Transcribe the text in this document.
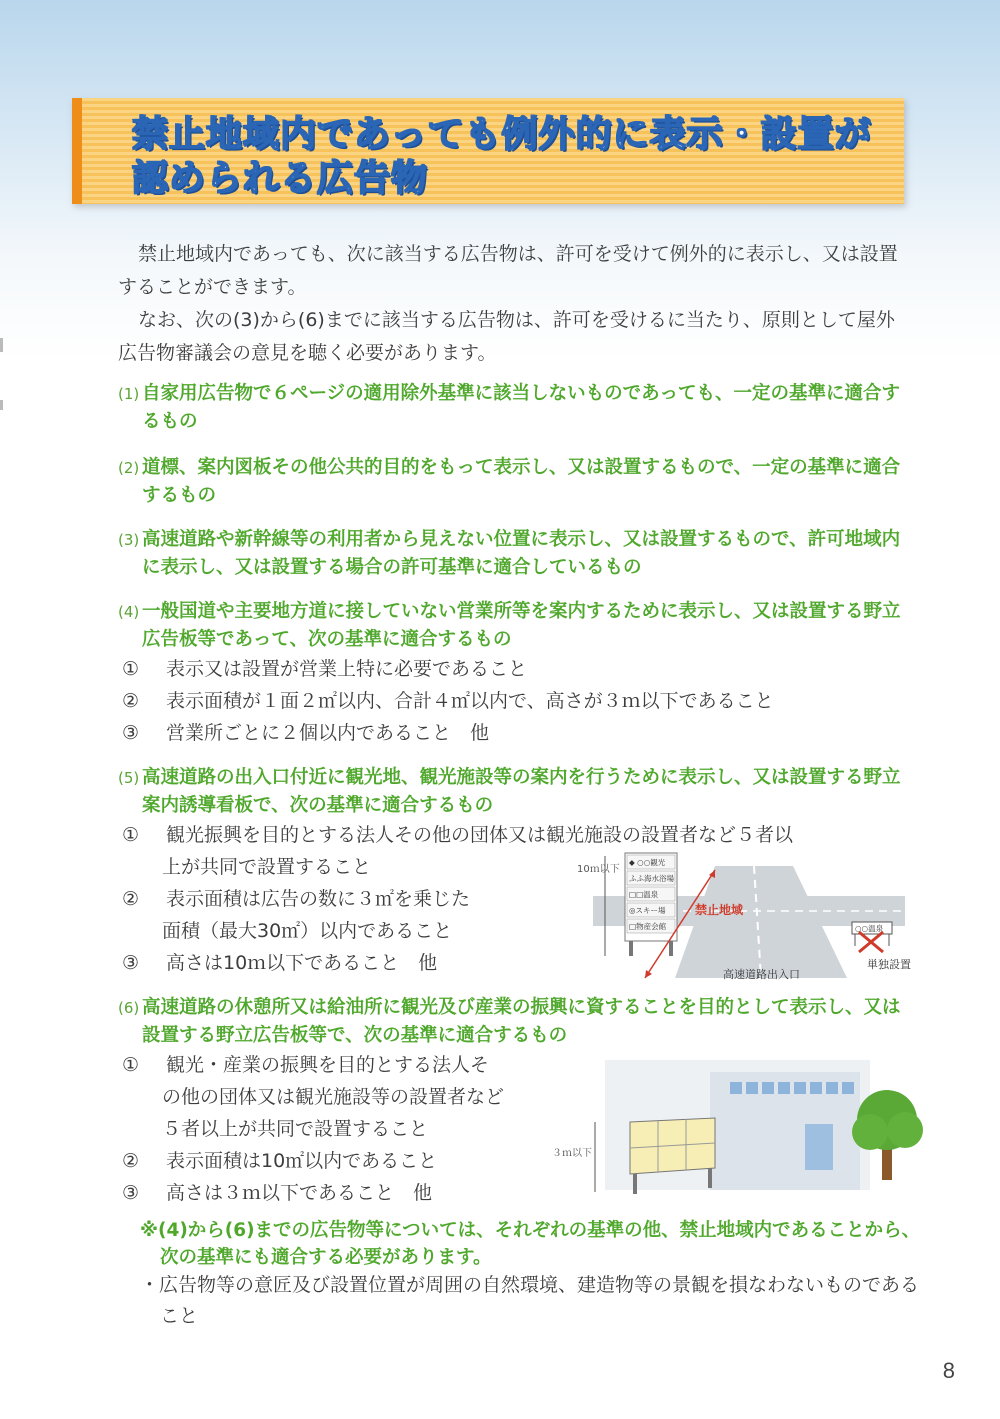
禁止地域内であっても例外的に表示・設置が
認められる広告物

禁止地域内であっても、次に該当する広告物は、許可を受けて例外的に表示し、又は設置することができます。

なお、次の(3)から(6)までに該当する広告物は、許可を受けるに当たり、原則として屋外広告物審議会の意見を聴く必要があります。

(1) 自家用広告物で６ページの適用除外基準に該当しないものであっても、一定の基準に適合するもの

(2) 道標、案内図板その他公共的目的をもって表示し、又は設置するもので、一定の基準に適合するもの

(3) 高速道路や新幹線等の利用者から見えない位置に表示し、又は設置するもので、許可地域内に表示し、又は設置する場合の許可基準に適合しているもの

(4) 一般国道や主要地方道に接していない営業所等を案内するために表示し、又は設置する野立広告板等であって、次の基準に適合するもの

① 表示又は設置が営業上特に必要であること

② 表示面積が１面２㎡以内、合計４㎡以内で、高さが３ｍ以下であること

③ 営業所ごとに２個以内であること　他

(5) 高速道路の出入口付近に観光地、観光施設等の案内を行うために表示し、又は設置する野立案内誘導看板で、次の基準に適合するもの

① 観光振興を目的とする法人その他の団体又は観光施設の設置者など５者以

上が共同で設置すること

② 表示面積は広告の数に３㎡を乗じた

面積（最大30㎡）以内であること

③ 高さは10ｍ以下であること　他

10ｍ以下
◆ ○○観光
ふふ海水浴場
□□温泉
◎スキー場
□物産会館
禁止地域
○○温泉
単独設置
高速道路出入口

(6) 高速道路の休憩所又は給油所に観光及び産業の振興に資することを目的として表示し、又は設置する野立広告板等で、次の基準に適合するもの

① 観光・産業の振興を目的とする法人そ

の他の団体又は観光施設等の設置者など

５者以上が共同で設置すること

② 表示面積は10㎡以内であること

③ 高さは３ｍ以下であること　他

３ｍ以下

※(4)から(6)までの広告物等については、それぞれの基準の他、禁止地域内であることから、次の基準にも適合する必要があります。

・広告物等の意匠及び設置位置が周囲の自然環境、建造物等の景観を損なわないものであること

8
